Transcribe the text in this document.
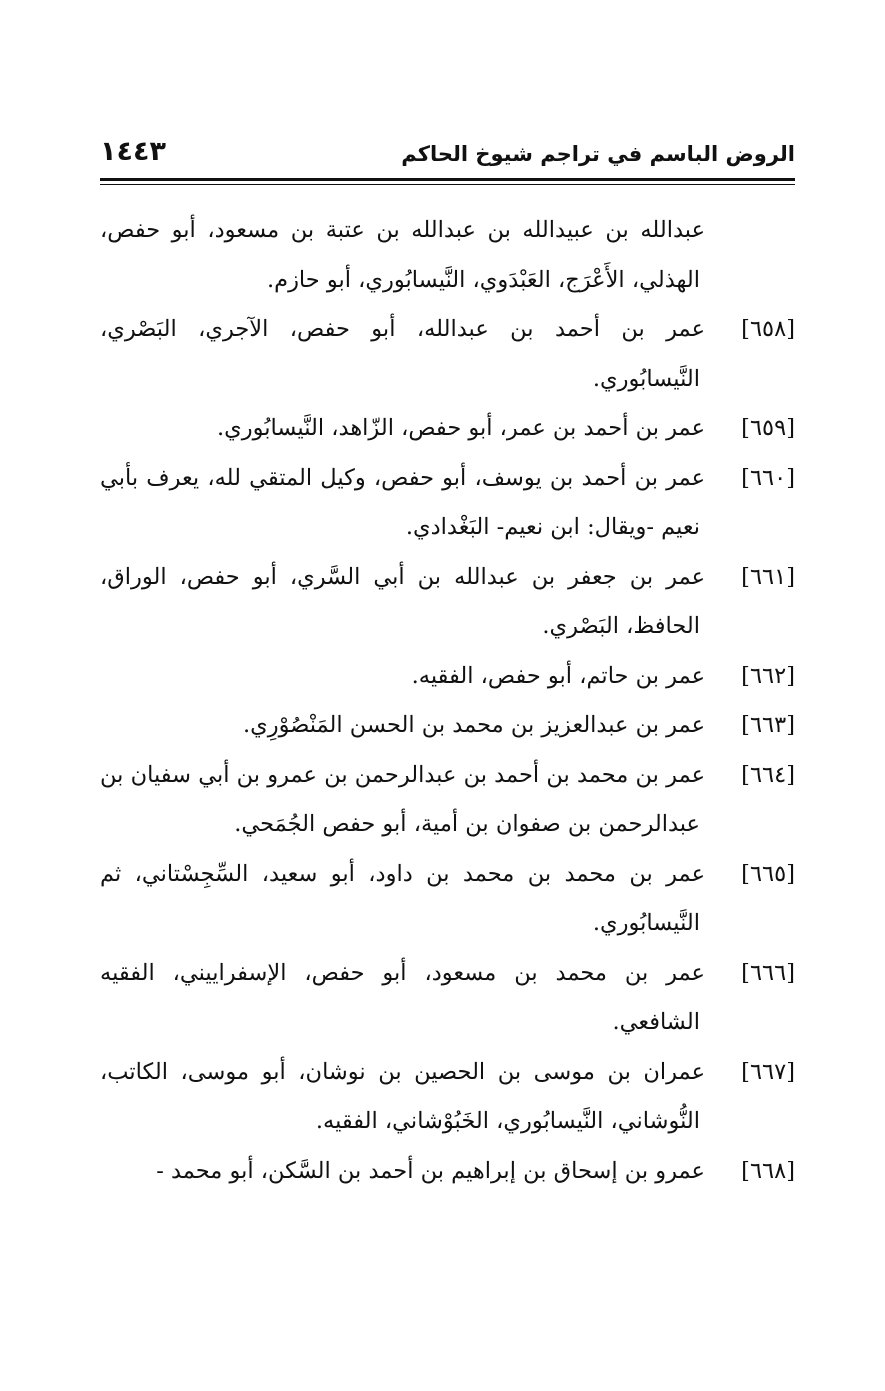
الروض الباسم في تراجم شيوخ الحاكم
١٤٤٣

عبدالله بن عبيدالله بن عبدالله بن عتبة بن مسعود، أبو حفص، الهذلي، الأَعْرَج، العَبْدَوي، النَّيسابُوري، أبو حازم.

[٦٥٨]عمر بن أحمد بن عبدالله، أبو حفص، الآجري، البَصْري، النَّيسابُوري.

[٦٥٩]عمر بن أحمد بن عمر، أبو حفص، الزّاهد، النَّيسابُوري.

[٦٦٠]عمر بن أحمد بن يوسف، أبو حفص، وكيل المتقي لله، يعرف بأبي نعيم -ويقال: ابن نعيم- البَغْدادي.

[٦٦١]عمر بن جعفر بن عبدالله بن أبي السَّري، أبو حفص، الوراق، الحافظ، البَصْري.

[٦٦٢]عمر بن حاتم، أبو حفص، الفقيه.

[٦٦٣]عمر بن عبدالعزيز بن محمد بن الحسن المَنْصُوْرِي.

[٦٦٤]عمر بن محمد بن أحمد بن عبدالرحمن بن عمرو بن أبي سفيان بن عبدالرحمن بن صفوان بن أمية، أبو حفص الجُمَحي.

[٦٦٥]عمر بن محمد بن محمد بن داود، أبو سعيد، السِّجِسْتاني، ثم النَّيسابُوري.

[٦٦٦]عمر بن محمد بن مسعود، أبو حفص، الإسفراييني، الفقيه الشافعي.

[٦٦٧]عمران بن موسى بن الحصين بن نوشان، أبو موسى، الكاتب، النُّوشاني، النَّيسابُوري، الخَبُوْشاني، الفقيه.

[٦٦٨]عمرو بن إسحاق بن إبراهيم بن أحمد بن السَّكن، أبو محمد -
